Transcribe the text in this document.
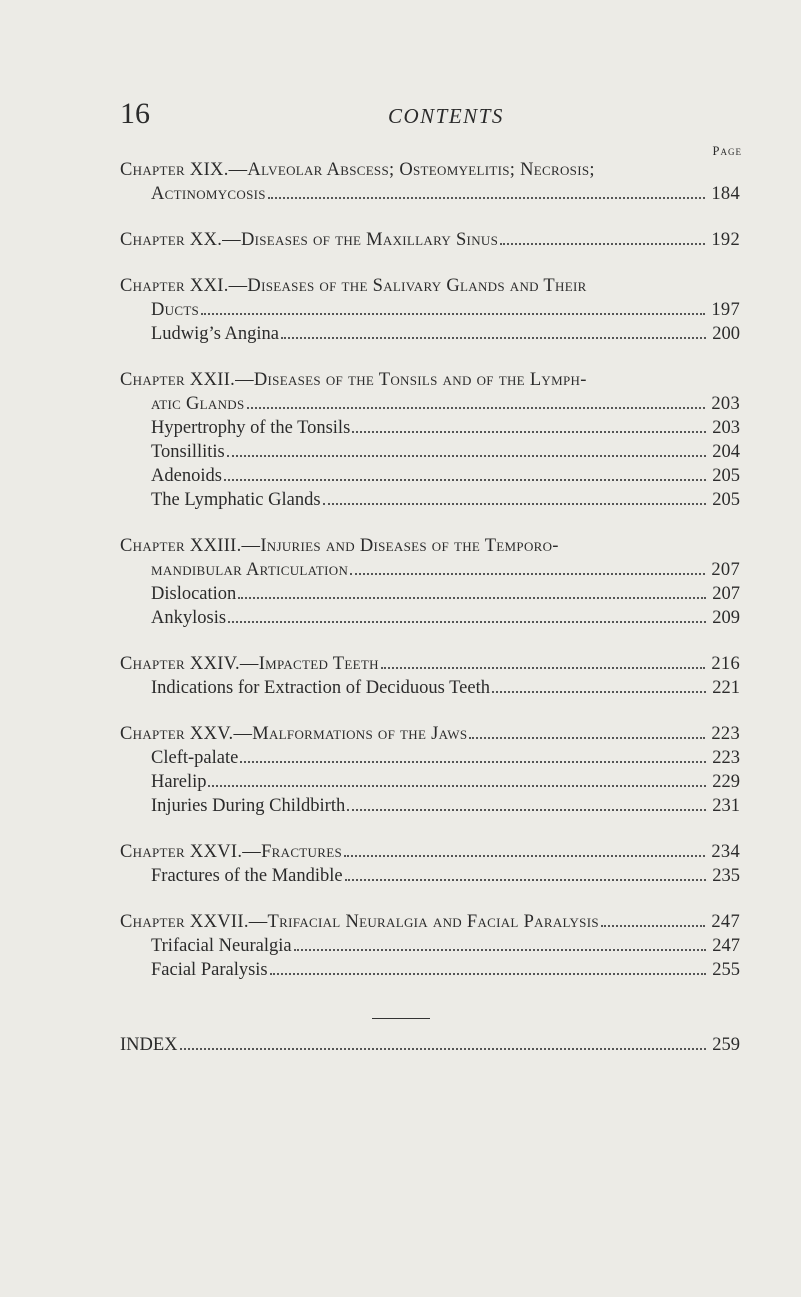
16	CONTENTS
Page
Chapter XIX.—Alveolar Abscess; Osteomyelitis; Necrosis;
Actinomycosis	184
Chapter XX.—Diseases of the Maxillary Sinus	192
Chapter XXI.—Diseases of the Salivary Glands and Their
Ducts	197
Ludwig’s Angina	200
Chapter XXII.—Diseases of the Tonsils and of the Lymph-
atic Glands	203
Hypertrophy of the Tonsils	203
Tonsillitis	204
Adenoids	205
The Lymphatic Glands	205
Chapter XXIII.—Injuries and Diseases of the Temporo-
mandibular Articulation	207
Dislocation	207
Ankylosis	209
Chapter XXIV.—Impacted Teeth	216
Indications for Extraction of Deciduous Teeth	221
Chapter XXV.—Malformations of the Jaws	223
Cleft-palate	223
Harelip	229
Injuries During Childbirth	231
Chapter XXVI.—Fractures	234
Fractures of the Mandible	235
Chapter XXVII.—Trifacial Neuralgia and Facial Paralysis	247
Trifacial Neuralgia	247
Facial Paralysis	255
INDEX	259
